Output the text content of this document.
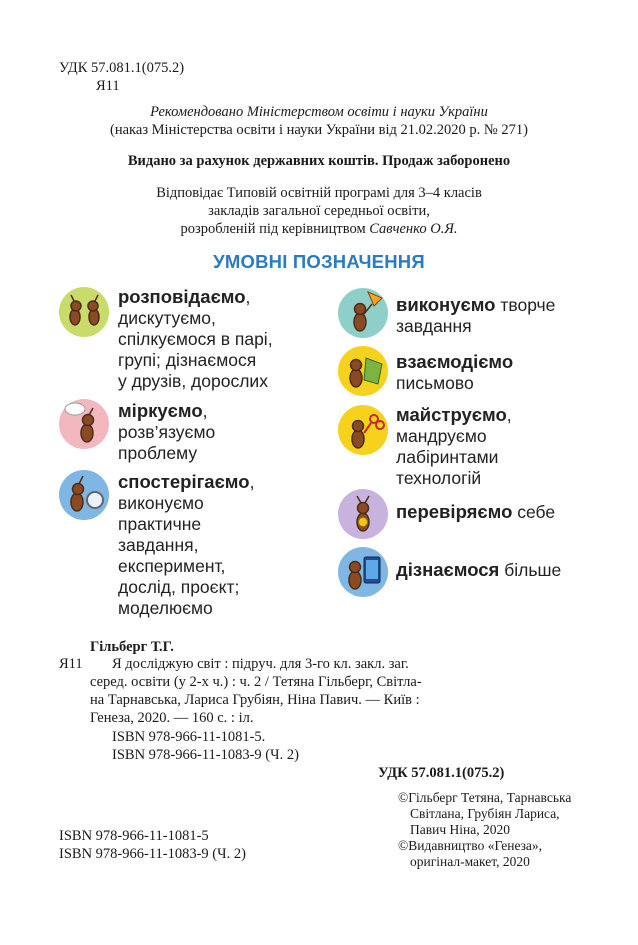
УДК 57.081.1(075.2)
Я11
Рекомендовано Міністерством освіти і науки України
(наказ Міністерства освіти і науки України від 21.02.2020 р. № 271)
Видано за рахунок державних коштів. Продаж заборонено
Відповідає Типовій освітній програмі для 3–4 класів
закладів загальної середньої освіти,
розробленій під керівництвом Савченко О.Я.
УМОВНІ ПОЗНАЧЕННЯ
розповідаємо,
дискутуємо,
спілкуємося в парі,
групі; дізнаємося
у друзів, дорослих
міркуємо,
розв’язуємо
проблему
спостерігаємо,
виконуємо
практичне
завдання,
експеримент,
дослід, проєкт;
моделюємо
виконуємо творче
завдання
взаємодіємо
письмово
майструємо,
мандруємо
лабіринтами
технологій
перевіряємо себе
дізнаємося більше
Гільберг Т.Г.
Я11 Я досліджую світ : підруч. для 3-го кл. закл. заг.
серед. освіти (у 2-х ч.) : ч. 2 / Тетяна Гільберг, Світла-
на Тарнавська, Лариса Грубіян, Ніна Павич. — Київ :
Генеза, 2020. — 160 с. : іл.
ISBN 978-966-11-1081-5.
ISBN 978-966-11-1083-9 (Ч. 2)
УДК 57.081.1(075.2)
ISBN 978-966-11-1081-5
ISBN 978-966-11-1083-9 (Ч. 2)
©Гільберг Тетяна, Тарнавська
Світлана, Грубіян Лариса,
Павич Ніна, 2020
©Видавництво «Генеза»,
оригінал-макет, 2020
